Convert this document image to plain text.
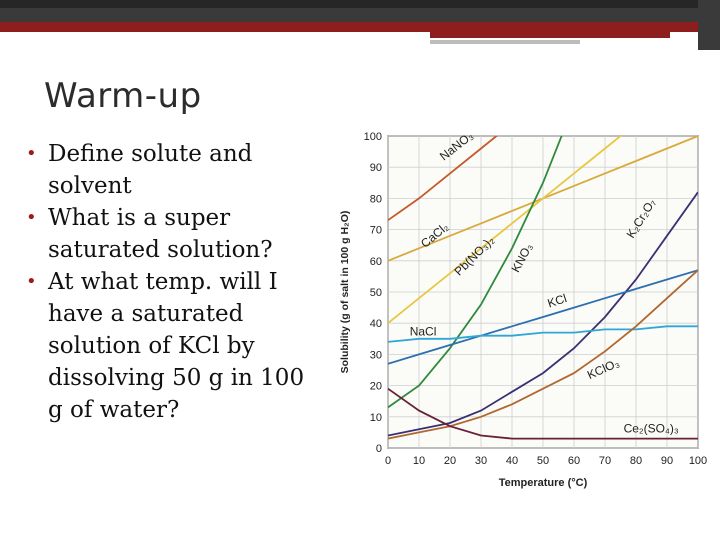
Warm-up
• Define solute and solvent
• What is a super saturated solution?
• At what temp. will I have a saturated solution of KCl by dissolving 50 g in 100 g of water?
0
10
20
30
40
50
60
70
80
90
100
0 10 20 30 40 50 60 70 80 90 100
Temperature (°C)
Solubility (g of salt in 100 g H₂O)
NaNO₃
CaCl₂ Pb(NO₃)₂ KNO₃
K₂Cr₂O₇
KCl
NaCl
KClO₃
Ce₂(SO₄)₃
